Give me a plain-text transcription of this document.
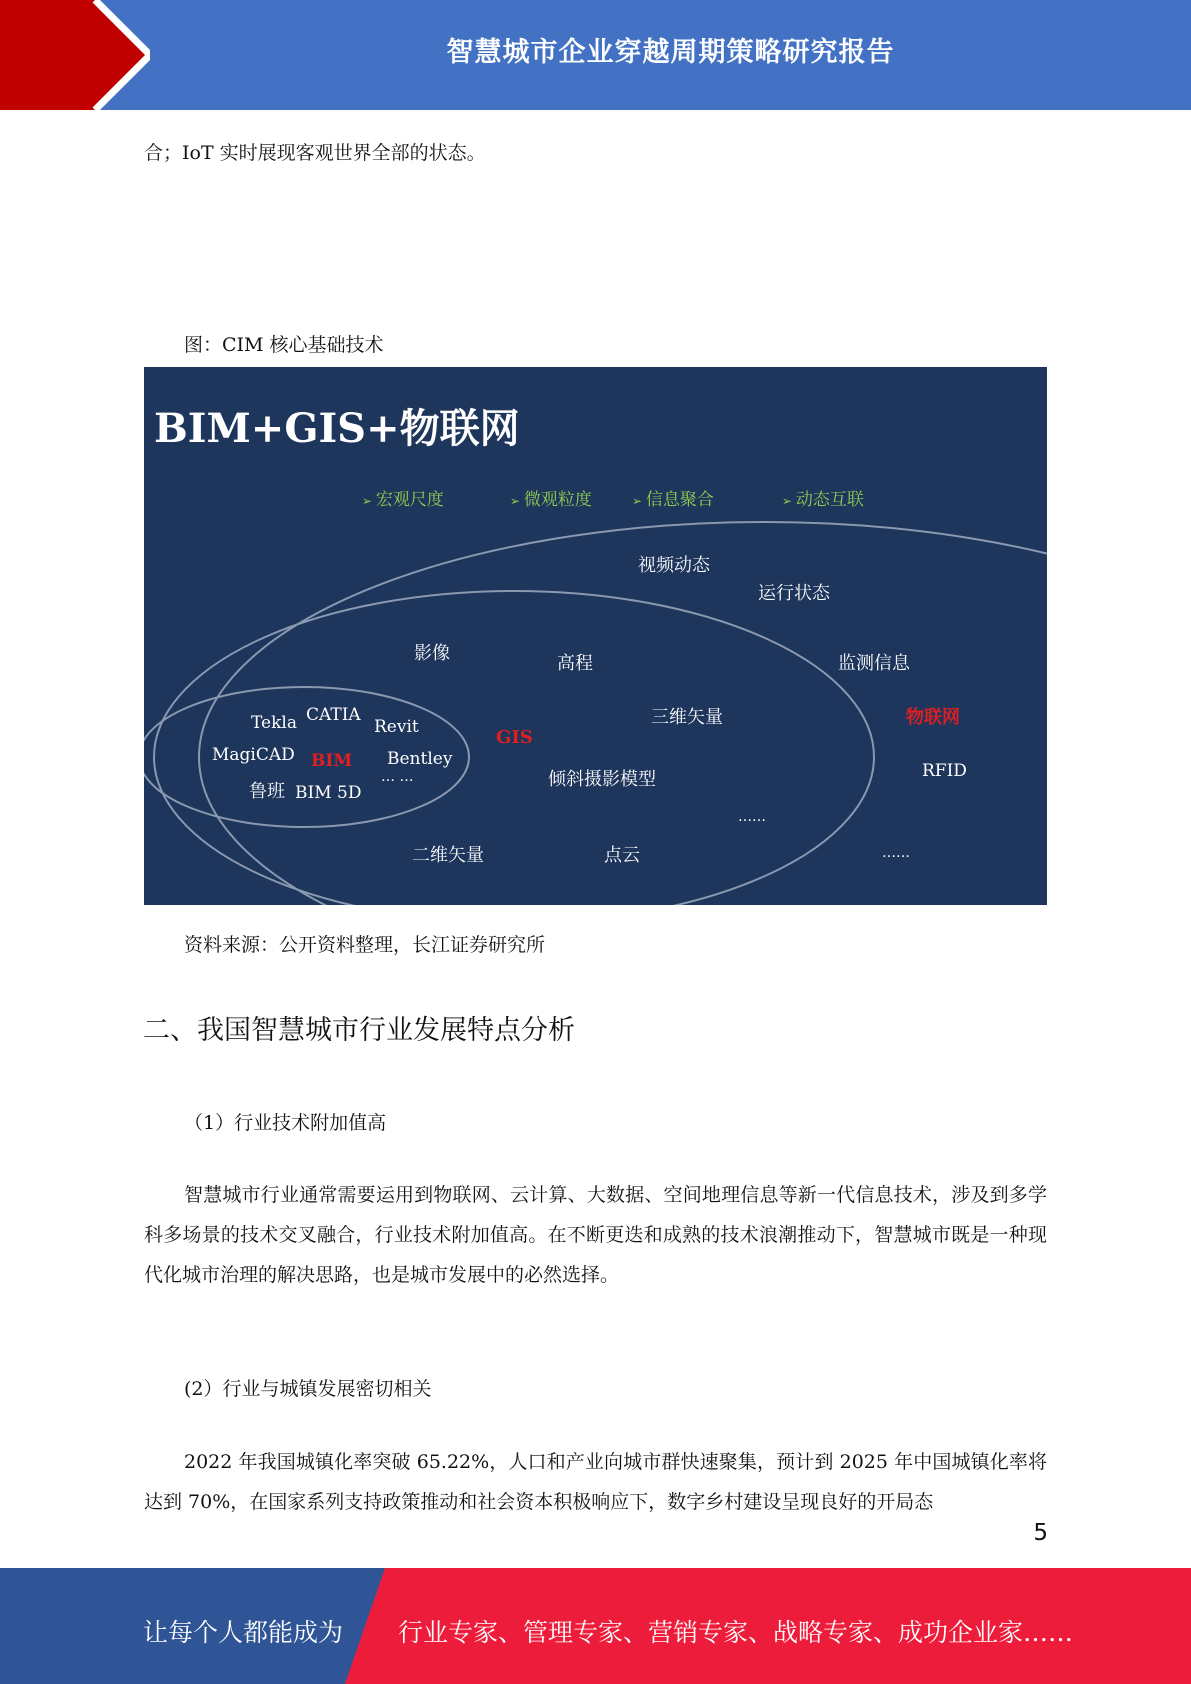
智慧城市企业穿越周期策略研究报告
合；IoT 实时展现客观世界全部的状态。
图：CIM 核心基础技术
BIM+GIS+物联网
➢ 宏观尺度	➢ 微观粒度	➢ 信息聚合	➢ 动态互联
视频动态
运行状态
影像	高程	监测信息
Tekla CATIA
Revit	GIS
三维矢量	物联网
MagiCAD BIM Bentley
RFID
鲁班 BIM 5D
… …	倾斜摄影模型
……
二维矢量	点云	……
资料来源：公开资料整理，长江证券研究所
二、我国智慧城市行业发展特点分析
（1）行业技术附加值高
智慧城市行业通常需要运用到物联网、云计算、大数据、空间地理信息等新一代信息技术，涉及到多学科多场景的技术交叉融合，行业技术附加值高。在不断更迭和成熟的技术浪潮推动下，智慧城市既是一种现代化城市治理的解决思路，也是城市发展中的必然选择。
(2）行业与城镇发展密切相关
2022 年我国城镇化率突破 65.22%，人口和产业向城市群快速聚集，预计到 2025 年中国城镇化率将达到 70%，在国家系列支持政策推动和社会资本积极响应下，数字乡村建设呈现良好的开局态
5
让每个人都能成为 行业专家、管理专家、营销专家、战略专家、成功企业家……
